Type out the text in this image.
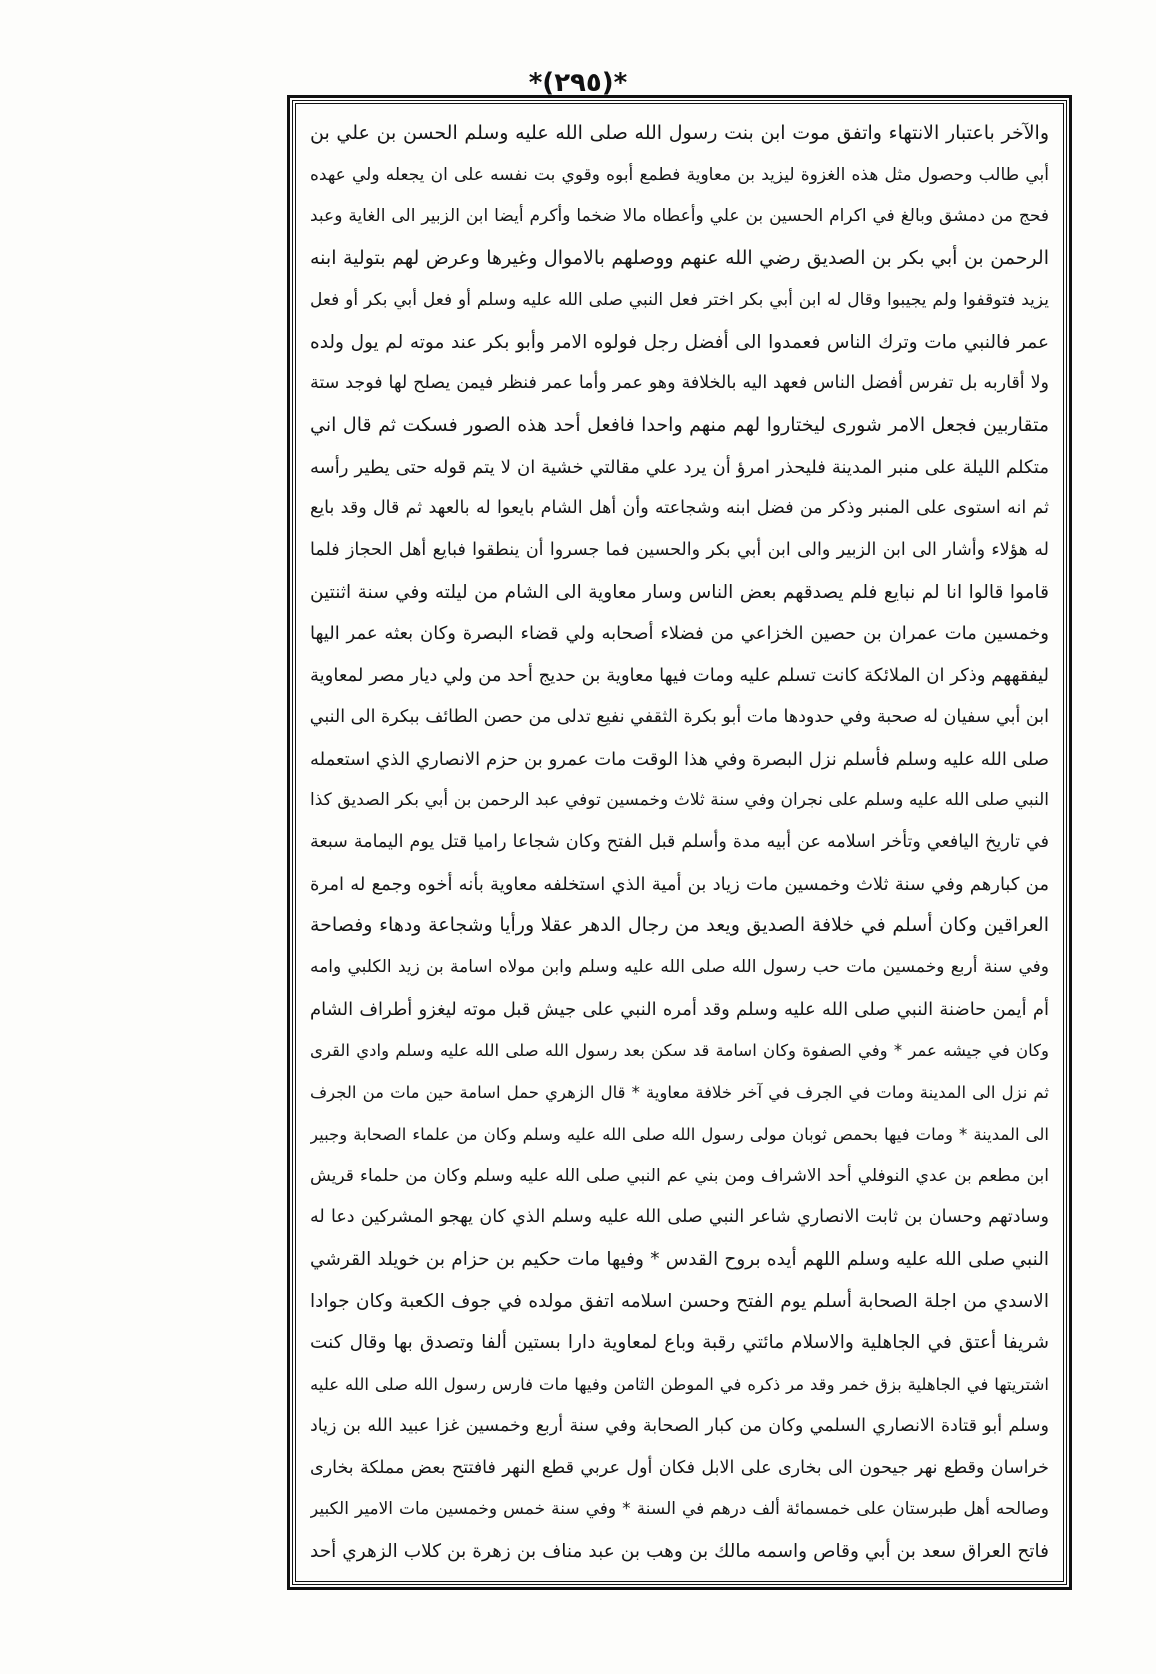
*(٢٩٥)*
والآخر باعتبار الانتهاء واتفق موت ابن بنت رسول الله صلى الله عليه وسلم الحسن بن علي بن
أبي طالب وحصول مثل هذه الغزوة ليزيد بن معاوية فطمع أبوه وقوي بت نفسه على ان يجعله ولي عهده
فحج من دمشق وبالغ في اكرام الحسين بن علي وأعطاه مالا ضخما وأكرم أيضا ابن الزبير الى الغاية وعبد
الرحمن بن أبي بكر بن الصديق رضي الله عنهم ووصلهم بالاموال وغيرها وعرض لهم بتولية ابنه
يزيد فتوقفوا ولم يجيبوا وقال له ابن أبي بكر اختر فعل النبي صلى الله عليه وسلم أو فعل أبي بكر أو فعل
عمر فالنبي مات وترك الناس فعمدوا الى أفضل رجل فولوه الامر وأبو بكر عند موته لم يول ولده
ولا أقاربه بل تفرس أفضل الناس فعهد اليه بالخلافة وهو عمر وأما عمر فنظر فيمن يصلح لها فوجد ستة
متقاربين فجعل الامر شورى ليختاروا لهم منهم واحدا فافعل أحد هذه الصور فسكت ثم قال اني
متكلم الليلة على منبر المدينة فليحذر امرؤ أن يرد علي مقالتي خشية ان لا يتم قوله حتى يطير رأسه
ثم انه استوى على المنبر وذكر من فضل ابنه وشجاعته وأن أهل الشام بايعوا له بالعهد ثم قال وقد بايع
له هؤلاء وأشار الى ابن الزبير والى ابن أبي بكر والحسين فما جسروا أن ينطقوا فبايع أهل الحجاز فلما
قاموا قالوا انا لم نبايع فلم يصدقهم بعض الناس وسار معاوية الى الشام من ليلته وفي سنة اثنتين
وخمسين مات عمران بن حصين الخزاعي من فضلاء أصحابه ولي قضاء البصرة وكان بعثه عمر اليها
ليفقههم وذكر ان الملائكة كانت تسلم عليه ومات فيها معاوية بن حديج أحد من ولي ديار مصر لمعاوية
ابن أبي سفيان له صحبة وفي حدودها مات أبو بكرة الثقفي نفيع تدلى من حصن الطائف ببكرة الى النبي
صلى الله عليه وسلم فأسلم نزل البصرة وفي هذا الوقت مات عمرو بن حزم الانصاري الذي استعمله
النبي صلى الله عليه وسلم على نجران وفي سنة ثلاث وخمسين توفي عبد الرحمن بن أبي بكر الصديق كذا
في تاريخ اليافعي وتأخر اسلامه عن أبيه مدة وأسلم قبل الفتح وكان شجاعا راميا قتل يوم اليمامة سبعة
من كبارهم وفي سنة ثلاث وخمسين مات زياد بن أمية الذي استخلفه معاوية بأنه أخوه وجمع له امرة
العراقين وكان أسلم في خلافة الصديق ويعد من رجال الدهر عقلا ورأيا وشجاعة ودهاء وفصاحة
وفي سنة أربع وخمسين مات حب رسول الله صلى الله عليه وسلم وابن مولاه اسامة بن زيد الكلبي وامه
أم أيمن حاضنة النبي صلى الله عليه وسلم وقد أمره النبي على جيش قبل موته ليغزو أطراف الشام
وكان في جيشه عمر * وفي الصفوة وكان اسامة قد سكن بعد رسول الله صلى الله عليه وسلم وادي القرى
ثم نزل الى المدينة ومات في الجرف في آخر خلافة معاوية * قال الزهري حمل اسامة حين مات من الجرف
الى المدينة * ومات فيها بحمص ثوبان مولى رسول الله صلى الله عليه وسلم وكان من علماء الصحابة وجبير
ابن مطعم بن عدي النوفلي أحد الاشراف ومن بني عم النبي صلى الله عليه وسلم وكان من حلماء قريش
وسادتهم وحسان بن ثابت الانصاري شاعر النبي صلى الله عليه وسلم الذي كان يهجو المشركين دعا له
النبي صلى الله عليه وسلم اللهم أيده بروح القدس * وفيها مات حكيم بن حزام بن خويلد القرشي
الاسدي من اجلة الصحابة أسلم يوم الفتح وحسن اسلامه اتفق مولده في جوف الكعبة وكان جوادا
شريفا أعتق في الجاهلية والاسلام مائتي رقبة وباع لمعاوية دارا بستين ألفا وتصدق بها وقال كنت
اشتريتها في الجاهلية بزق خمر وقد مر ذكره في الموطن الثامن وفيها مات فارس رسول الله صلى الله عليه
وسلم أبو قتادة الانصاري السلمي وكان من كبار الصحابة وفي سنة أربع وخمسين غزا عبيد الله بن زياد
خراسان وقطع نهر جيحون الى بخارى على الابل فكان أول عربي قطع النهر فافتتح بعض مملكة بخارى
وصالحه أهل طبرستان على خمسمائة ألف درهم في السنة * وفي سنة خمس وخمسين مات الامير الكبير
فاتح العراق سعد بن أبي وقاص واسمه مالك بن وهب بن عبد مناف بن زهرة بن كلاب الزهري أحد
